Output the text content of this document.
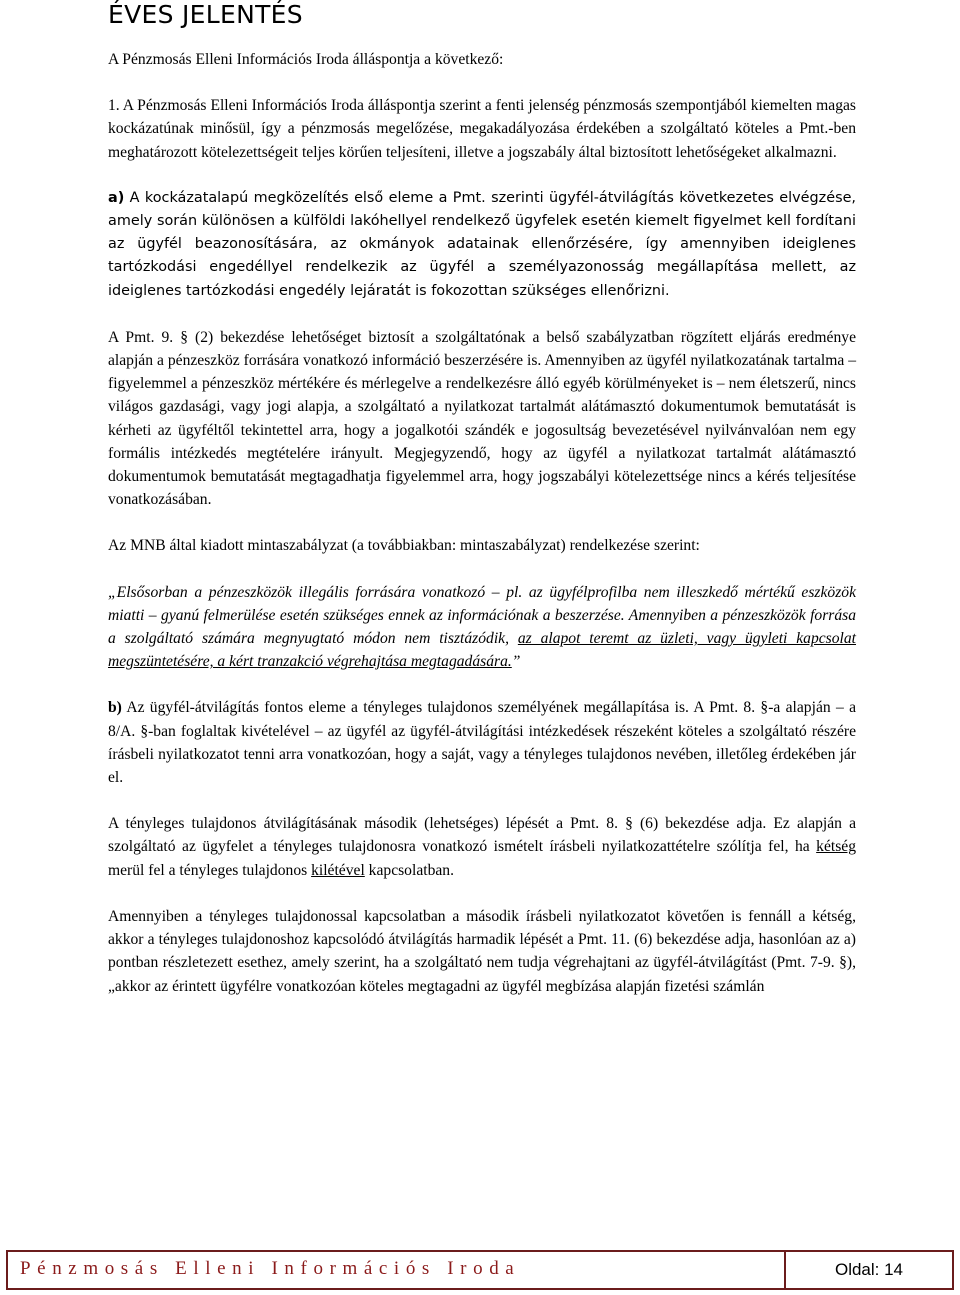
ÉVES JELENTÉS

A Pénzmosás Elleni Információs Iroda álláspontja a következő:

1. A Pénzmosás Elleni Információs Iroda álláspontja szerint a fenti jelenség pénzmosás szempontjából kiemelten magas kockázatúnak minősül, így a pénzmosás megelőzése, megakadályozása érdekében a szolgáltató köteles a Pmt.-ben meghatározott kötelezettségeit teljes körűen teljesíteni, illetve a jogszabály által biztosított lehetőségeket alkalmazni.

a) A kockázatalapú megközelítés első eleme a Pmt. szerinti ügyfél-átvilágítás következetes elvégzése, amely során különösen a külföldi lakóhellyel rendelkező ügyfelek esetén kiemelt figyelmet kell fordítani az ügyfél beazonosítására, az okmányok adatainak ellenőrzésére, így amennyiben ideiglenes tartózkodási engedéllyel rendelkezik az ügyfél a személyazonosság megállapítása mellett, az ideiglenes tartózkodási engedély lejáratát is fokozottan szükséges ellenőrizni.

A Pmt. 9. § (2) bekezdése lehetőséget biztosít a szolgáltatónak a belső szabályzatban rögzített eljárás eredménye alapján a pénzeszköz forrására vonatkozó információ beszerzésére is. Amennyiben az ügyfél nyilatkozatának tartalma – figyelemmel a pénzeszköz mértékére és mérlegelve a rendelkezésre álló egyéb körülményeket is – nem életszerű, nincs világos gazdasági, vagy jogi alapja, a szolgáltató a nyilatkozat tartalmát alátámasztó dokumentumok bemutatását is kérheti az ügyféltől tekintettel arra, hogy a jogalkotói szándék e jogosultság bevezetésével nyilvánvalóan nem egy formális intézkedés megtételére irányult. Megjegyzendő, hogy az ügyfél a nyilatkozat tartalmát alátámasztó dokumentumok bemutatását megtagadhatja figyelemmel arra, hogy jogszabályi kötelezettsége nincs a kérés teljesítése vonatkozásában.

Az MNB által kiadott mintaszabályzat (a továbbiakban: mintaszabályzat) rendelkezése szerint:

„Elsősorban a pénzeszközök illegális forrására vonatkozó – pl. az ügyfélprofilba nem illeszkedő mértékű eszközök miatti – gyanú felmerülése esetén szükséges ennek az információnak a beszerzése. Amennyiben a pénzeszközök forrása a szolgáltató számára megnyugtató módon nem tisztázódik, az alapot teremt az üzleti, vagy ügyleti kapcsolat megszüntetésére, a kért tranzakció végrehajtása megtagadására.”

b) Az ügyfél-átvilágítás fontos eleme a tényleges tulajdonos személyének megállapítása is. A Pmt. 8. §-a alapján – a 8/A. §-ban foglaltak kivételével – az ügyfél az ügyfél-átvilágítási intézkedések részeként köteles a szolgáltató részére írásbeli nyilatkozatot tenni arra vonatkozóan, hogy a saját, vagy a tényleges tulajdonos nevében, illetőleg érdekében jár el.

A tényleges tulajdonos átvilágításának második (lehetséges) lépését a Pmt. 8. § (6) bekezdése adja. Ez alapján a szolgáltató az ügyfelet a tényleges tulajdonosra vonatkozó ismételt írásbeli nyilatkozattételre szólítja fel, ha kétség merül fel a tényleges tulajdonos kilétével kapcsolatban.

Amennyiben a tényleges tulajdonossal kapcsolatban a második írásbeli nyilatkozatot követően is fennáll a kétség, akkor a tényleges tulajdonoshoz kapcsolódó átvilágítás harmadik lépését a Pmt. 11. (6) bekezdése adja, hasonlóan az a) pontban részletezett esethez, amely szerint, ha a szolgáltató nem tudja végrehajtani az ügyfél-átvilágítást (Pmt. 7-9. §), „akkor az érintett ügyfélre vonatkozóan köteles megtagadni az ügyfél megbízása alapján fizetési számlán

Pénzmosás Elleni Információs Iroda	Oldal: 14
